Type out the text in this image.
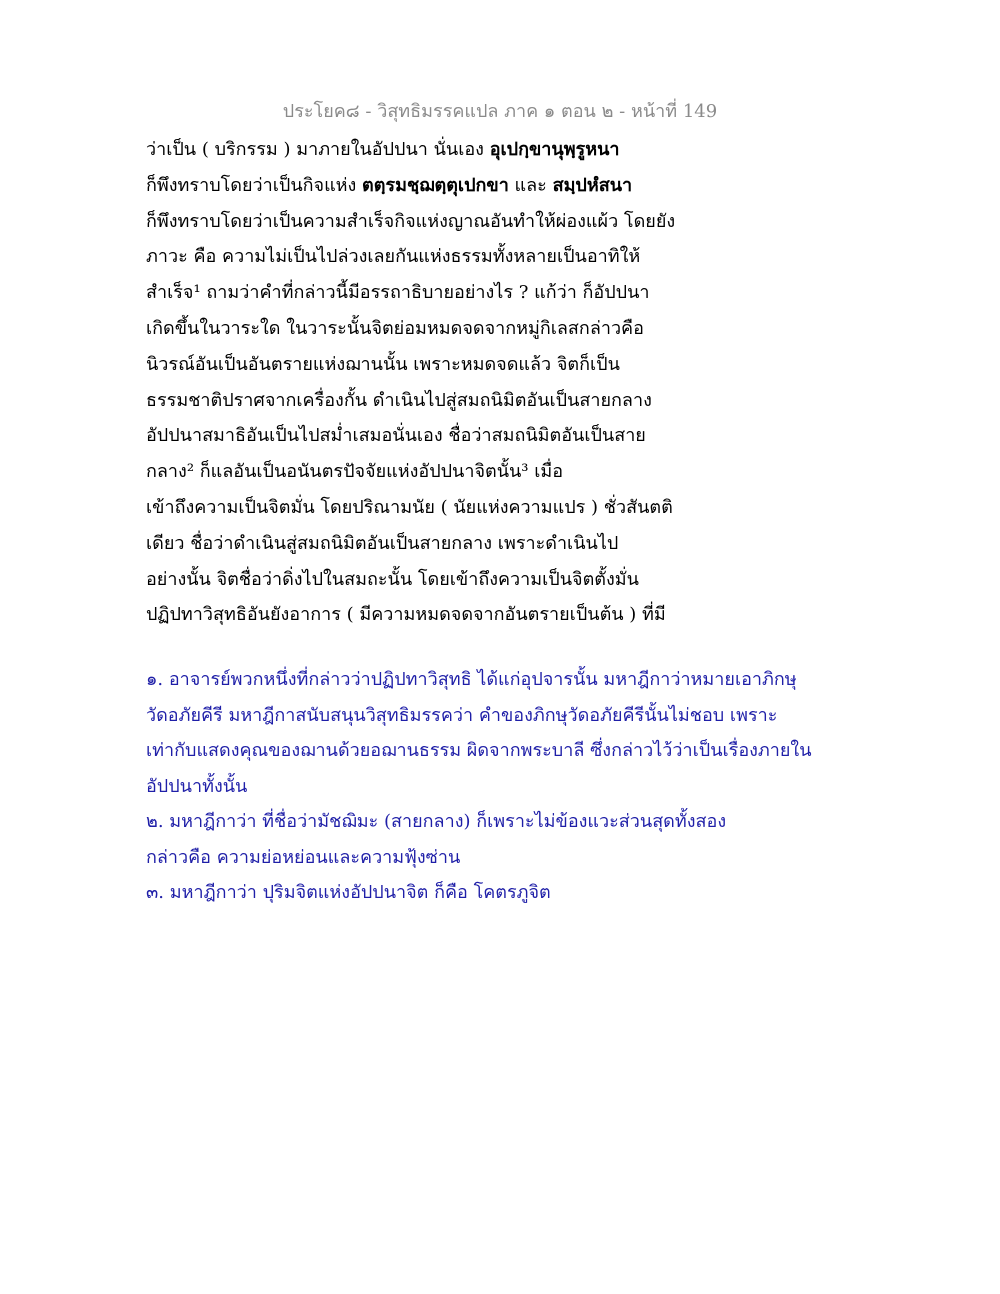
ประโยค๘ - วิสุทธิมรรคแปล ภาค ๑ ตอน ๒ - หน้าที่ 149
ว่าเป็น ( บริกรรม ) มาภายในอัปปนา นั่นเอง อุเปกฺขานุพฺรูหนา
ก็พึงทราบโดยว่าเป็นกิจแห่ง ตตฺรมชฺฌตฺตุเปกขา และ สมฺปหํสนา
ก็พึงทราบโดยว่าเป็นความสำเร็จกิจแห่งญาณอันทำให้ผ่องแผ้ว โดยยัง
ภาวะ คือ ความไม่เป็นไปล่วงเลยกันแห่งธรรมทั้งหลายเป็นอาทิให้
สำเร็จ¹ ถามว่าคำที่กล่าวนี้มีอรรถาธิบายอย่างไร ? แก้ว่า ก็อัปปนา
เกิดขึ้นในวาระใด ในวาระนั้นจิตย่อมหมดจดจากหมู่กิเลสกล่าวคือ
นิวรณ์อันเป็นอันตรายแห่งฌานนั้น เพราะหมดจดแล้ว จิตก็เป็น
ธรรมชาติปราศจากเครื่องกั้น ดำเนินไปสู่สมถนิมิตอันเป็นสายกลาง
อัปปนาสมาธิอันเป็นไปสม่ำเสมอนั่นเอง ชื่อว่าสมถนิมิตอันเป็นสาย
กลาง² ก็แลอันเป็นอนันตรปัจจัยแห่งอัปปนาจิตนั้น³ เมื่อ
เข้าถึงความเป็นจิตมั่น โดยปริณามนัย ( นัยแห่งความแปร ) ชั่วสันตติ
เดียว ชื่อว่าดำเนินสู่สมถนิมิตอันเป็นสายกลาง เพราะดำเนินไป
อย่างนั้น จิตชื่อว่าดิ่งไปในสมถะนั้น โดยเข้าถึงความเป็นจิตตั้งมั่น
ปฏิปทาวิสุทธิอันยังอาการ ( มีความหมดจดจากอันตรายเป็นต้น ) ที่มี
๑. อาจารย์พวกหนึ่งที่กล่าวว่าปฏิปทาวิสุทธิ ได้แก่อุปจารนั้น มหาฎีกาว่าหมายเอาภิกษุ
วัดอภัยคีรี มหาฎีกาสนับสนุนวิสุทธิมรรคว่า คำของภิกษุวัดอภัยคีรีนั้นไม่ชอบ เพราะ
เท่ากับแสดงคุณของฌานด้วยอฌานธรรม ผิดจากพระบาลี ซึ่งกล่าวไว้ว่าเป็นเรื่องภายใน
อัปปนาทั้งนั้น
๒. มหาฎีกาว่า ที่ชื่อว่ามัชฌิมะ (สายกลาง) ก็เพราะไม่ข้องแวะส่วนสุดทั้งสอง
กล่าวคือ ความย่อหย่อนและความฟุ้งซ่าน
๓. มหาฎีกาว่า ปุริมจิตแห่งอัปปนาจิต ก็คือ โคตรภูจิต
